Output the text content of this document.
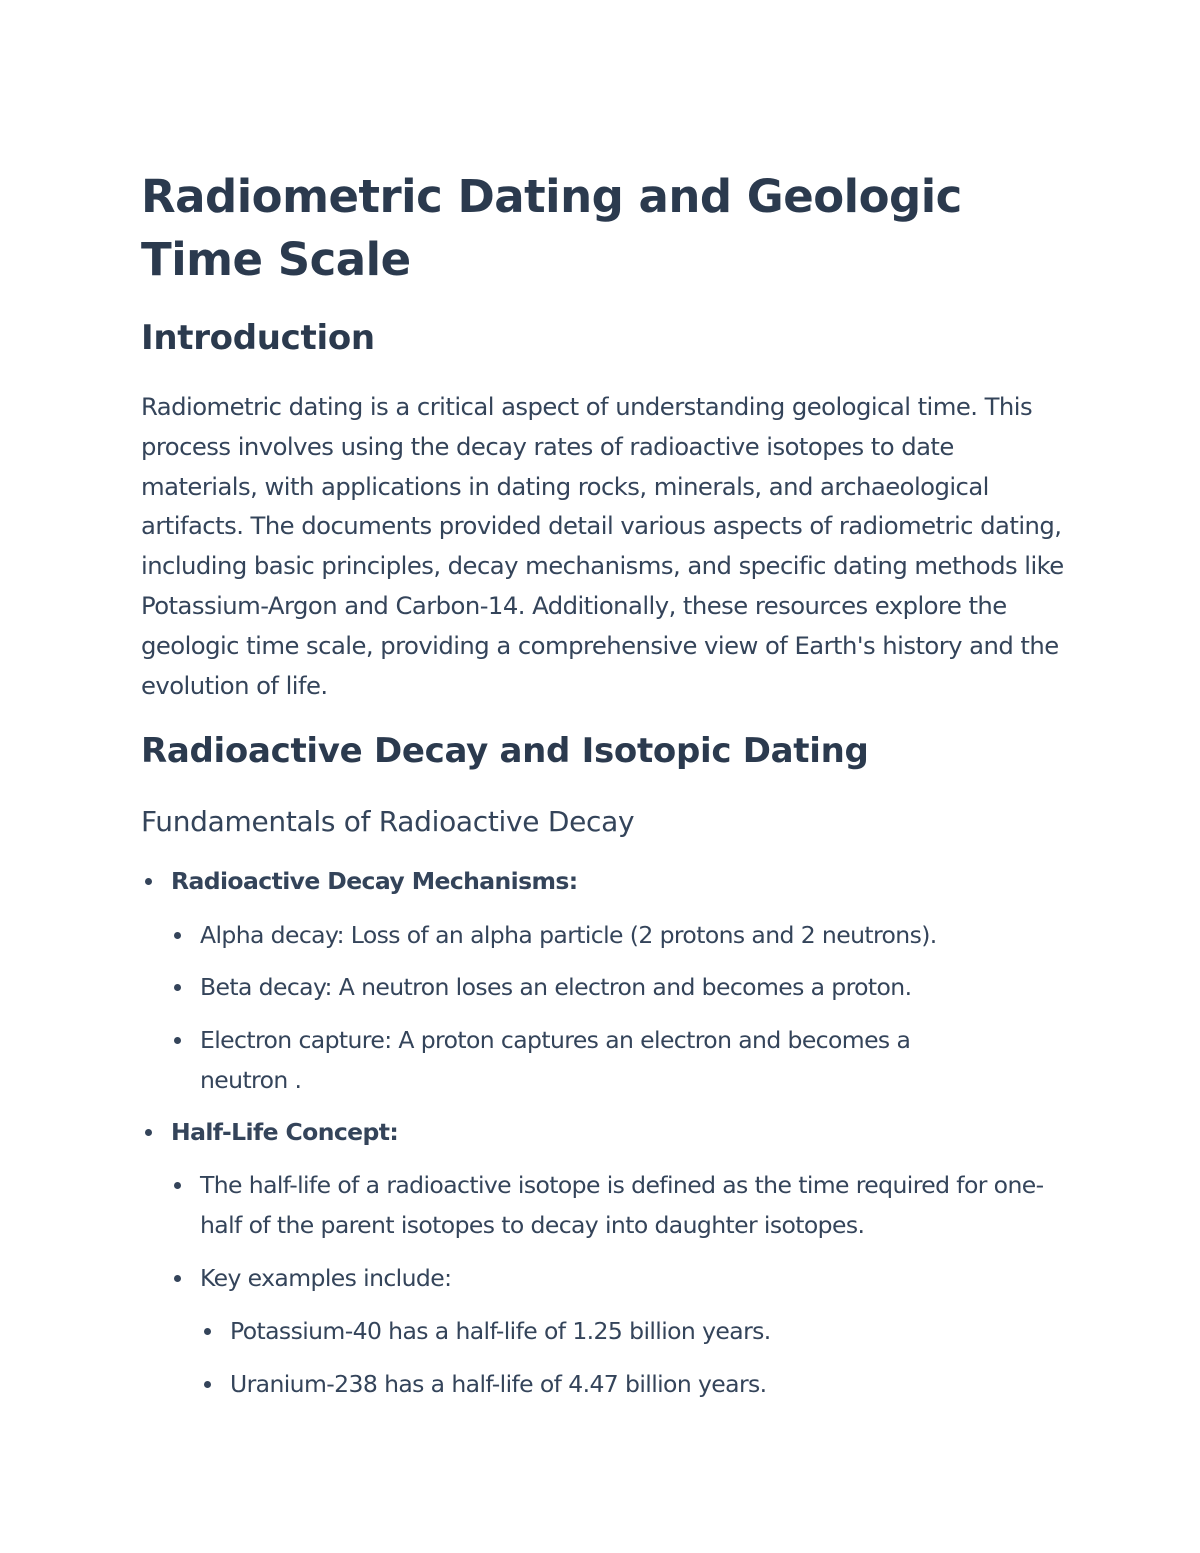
Radiometric Dating and Geologic Time Scale
Introduction

Radiometric dating is a critical aspect of understanding geological time. This process involves using the decay rates of radioactive isotopes to date materials, with applications in dating rocks, minerals, and archaeological artifacts. The documents provided detail various aspects of radiometric dating, including basic principles, decay mechanisms, and specific dating methods like Potassium-Argon and Carbon-14. Additionally, these resources explore the geologic time scale, providing a comprehensive view of Earth's history and the evolution of life.

Radioactive Decay and Isotopic Dating
Fundamentals of Radioactive Decay
Radioactive Decay Mechanisms:
Alpha decay: Loss of an alpha particle (2 protons and 2 neutrons).
Beta decay: A neutron loses an electron and becomes a proton.
Electron capture: A proton captures an electron and becomes a neutron .
Half-Life Concept:
The half-life of a radioactive isotope is defined as the time required for one-half of the parent isotopes to decay into daughter isotopes.
Key examples include:
Potassium-40 has a half-life of 1.25 billion years.
Uranium-238 has a half-life of 4.47 billion years.
